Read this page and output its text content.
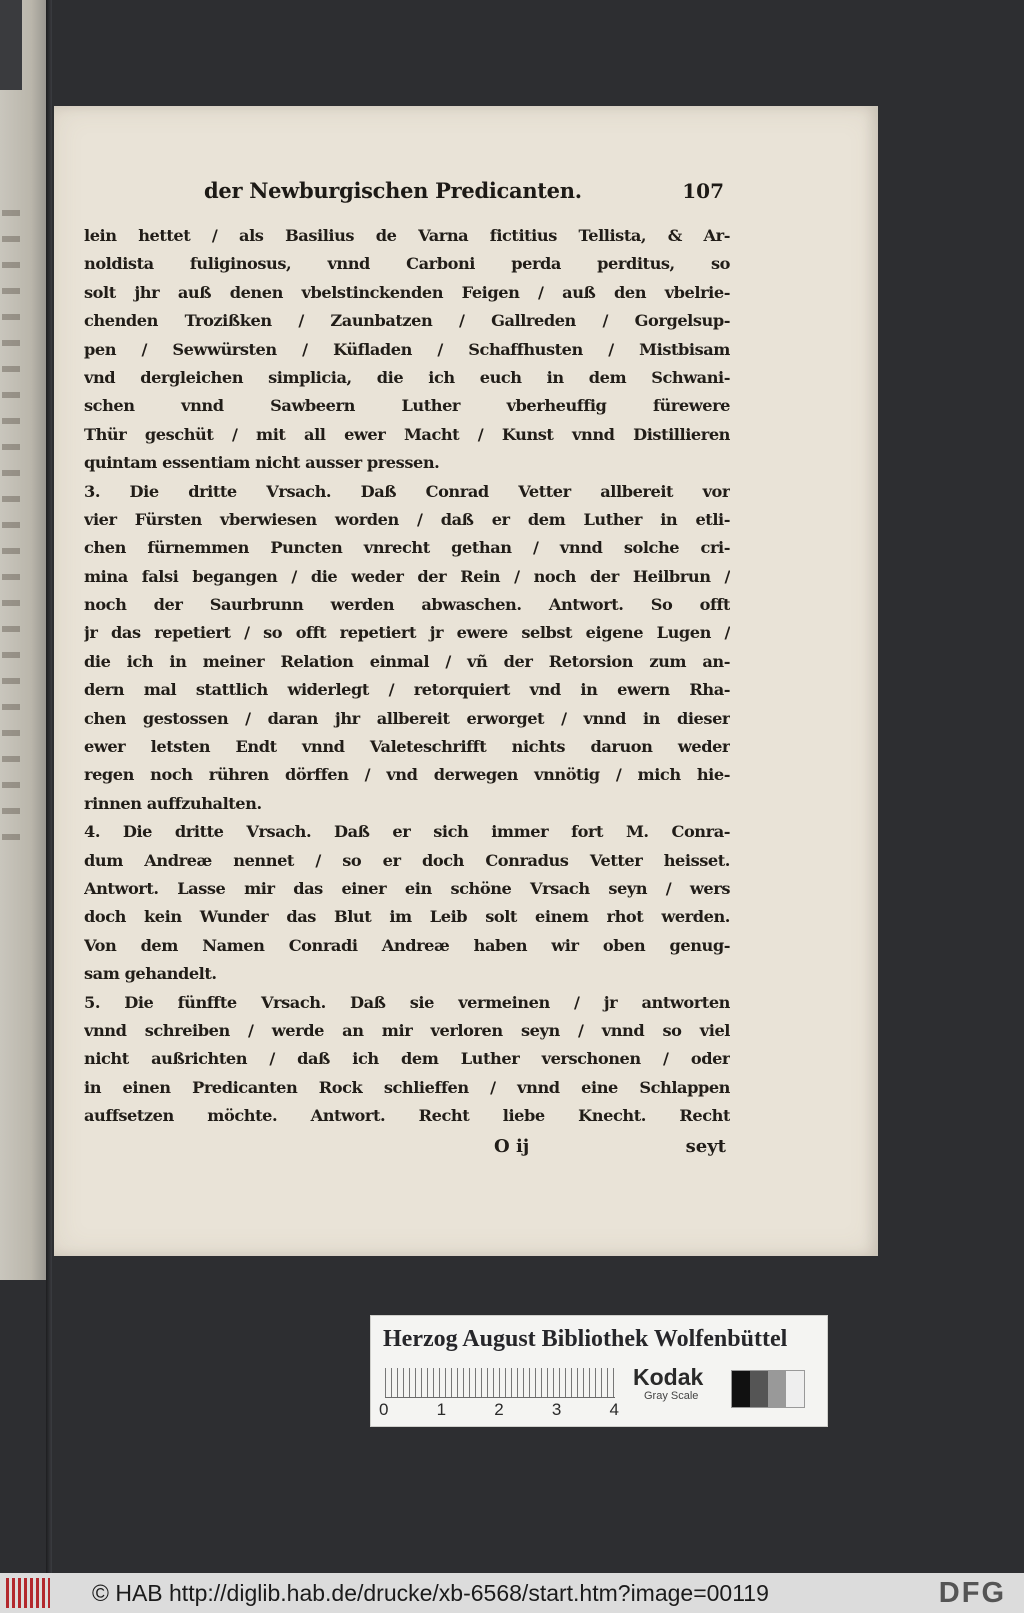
der Newburgischen Predicanten.	107
lein hettet / als Basilius de Varna fictitius Tellista, & Ar-
noldista fuliginosus, vnnd Carboni perda perditus, so
solt jhr auß denen vbelstinckenden Feigen / auß den vbelrie-
chenden Trozißken / Zaunbatzen / Gallreden / Gorgelsup-
pen / Sewwürsten / Küfladen / Schaffhusten / Mistbisam
vnd dergleichen simplicia, die ich euch in dem Schwani-
schen vnnd Sawbeern Luther vberheuffig fürewere
Thür geschüt / mit all ewer Macht / Kunst vnnd Distillieren
quintam essentiam nicht ausser pressen.
3. Die dritte Vrsach. Daß Conrad Vetter allbereit vor
vier Fürsten vberwiesen worden / daß er dem Luther in etli-
chen fürnemmen Puncten vnrecht gethan / vnnd solche cri-
mina falsi begangen / die weder der Rein / noch der Heilbrun /
noch der Saurbrunn werden abwaschen. Antwort. So offt
jr das repetiert / so offt repetiert jr ewere selbst eigene Lugen /
die ich in meiner Relation einmal / vñ der Retorsion zum an-
dern mal stattlich widerlegt / retorquiert vnd in ewern Rha-
chen gestossen / daran jhr allbereit erworget / vnnd in dieser
ewer letsten Endt vnnd Valeteschrifft nichts daruon weder
regen noch rühren dörffen / vnd derwegen vnnötig / mich hie-
rinnen auffzuhalten.
4. Die dritte Vrsach. Daß er sich immer fort M. Conra-
dum Andreæ nennet / so er doch Conradus Vetter heisset.
Antwort. Lasse mir das einer ein schöne Vrsach seyn / wers
doch kein Wunder das Blut im Leib solt einem rhot werden.
Von dem Namen Conradi Andreæ haben wir oben genug-
sam gehandelt.
5. Die fünffte Vrsach. Daß sie vermeinen / jr antworten
vnnd schreiben / werde an mir verloren seyn / vnnd so viel
nicht außrichten / daß ich dem Luther verschonen / oder
in einen Predicanten Rock schlieffen / vnnd eine Schlappen
auffsetzen möchte. Antwort. Recht liebe Knecht. Recht
O ij	seyt
Herzog August Bibliothek Wolfenbüttel
0	1	2	3	4
Kodak
Gray Scale
© HAB http://diglib.hab.de/drucke/xb-6568/start.htm?image=00119	DFG
